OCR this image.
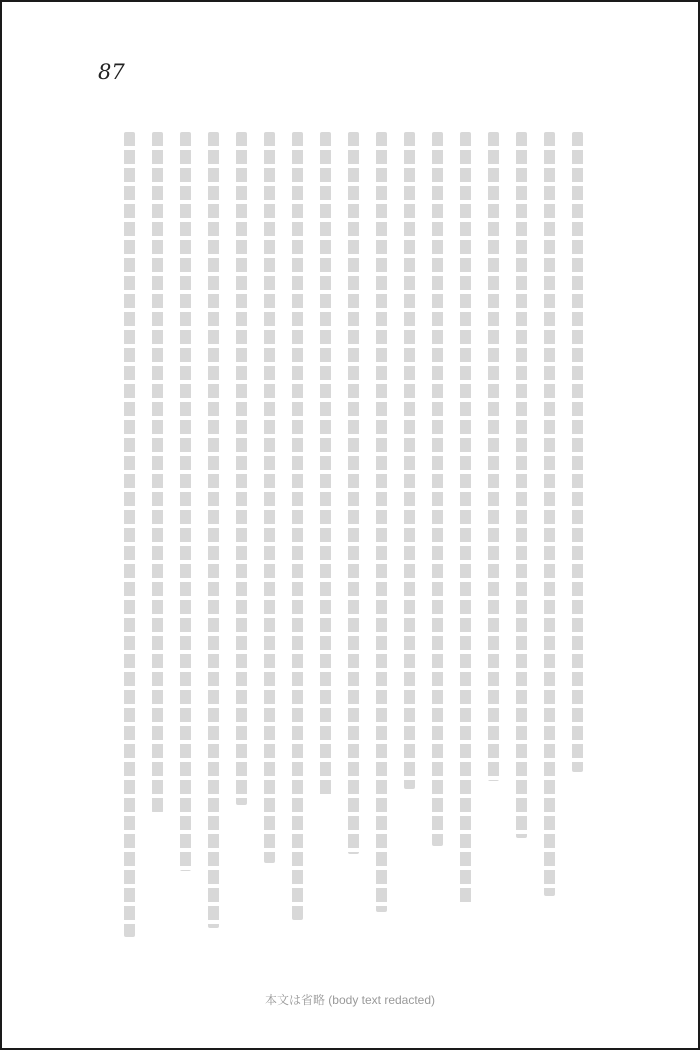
87
本文は省略 (body text redacted)
